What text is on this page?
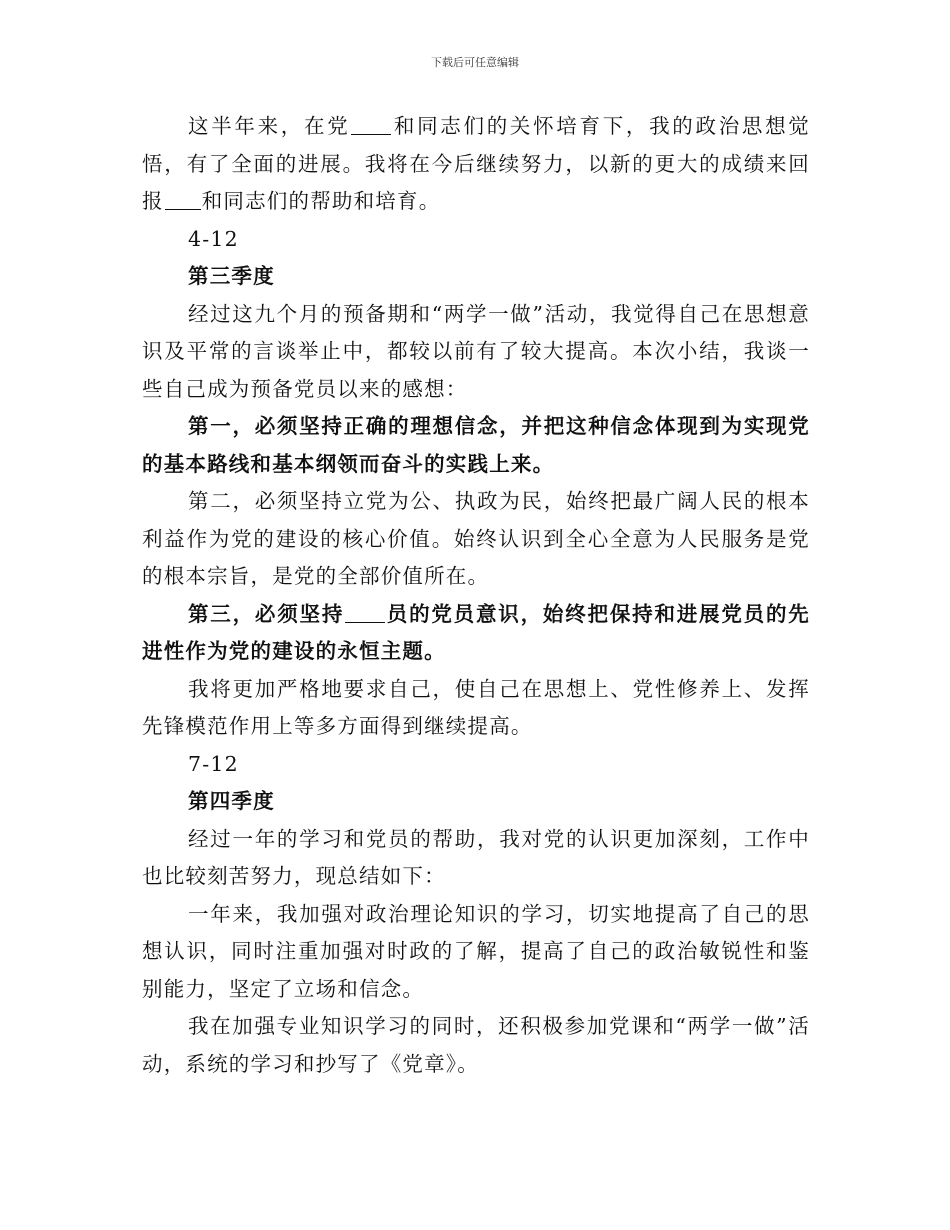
下载后可任意编辑

这半年来，在党 和同志们的关怀培育下，我的政治思想觉悟，有了全面的进展。我将在今后继续努力，以新的更大的成绩来回报 和同志们的帮助和培育。

4-12

第三季度

经过这九个月的预备期和“两学一做”活动，我觉得自己在思想意识及平常的言谈举止中，都较以前有了较大提高。本次小结，我谈一些自己成为预备党员以来的感想：

第一，必须坚持正确的理想信念，并把这种信念体现到为实现党的基本路线和基本纲领而奋斗的实践上来。

第二，必须坚持立党为公、执政为民，始终把最广阔人民的根本利益作为党的建设的核心价值。始终认识到全心全意为人民服务是党的根本宗旨，是党的全部价值所在。

第三，必须坚持 员的党员意识，始终把保持和进展党员的先进性作为党的建设的永恒主题。

我将更加严格地要求自己，使自己在思想上、党性修养上、发挥先锋模范作用上等多方面得到继续提高。

7-12

第四季度

经过一年的学习和党员的帮助，我对党的认识更加深刻，工作中也比较刻苦努力，现总结如下：

一年来，我加强对政治理论知识的学习，切实地提高了自己的思想认识，同时注重加强对时政的了解，提高了自己的政治敏锐性和鉴别能力，坚定了立场和信念。

我在加强专业知识学习的同时，还积极参加党课和“两学一做”活动，系统的学习和抄写了《党章》。
